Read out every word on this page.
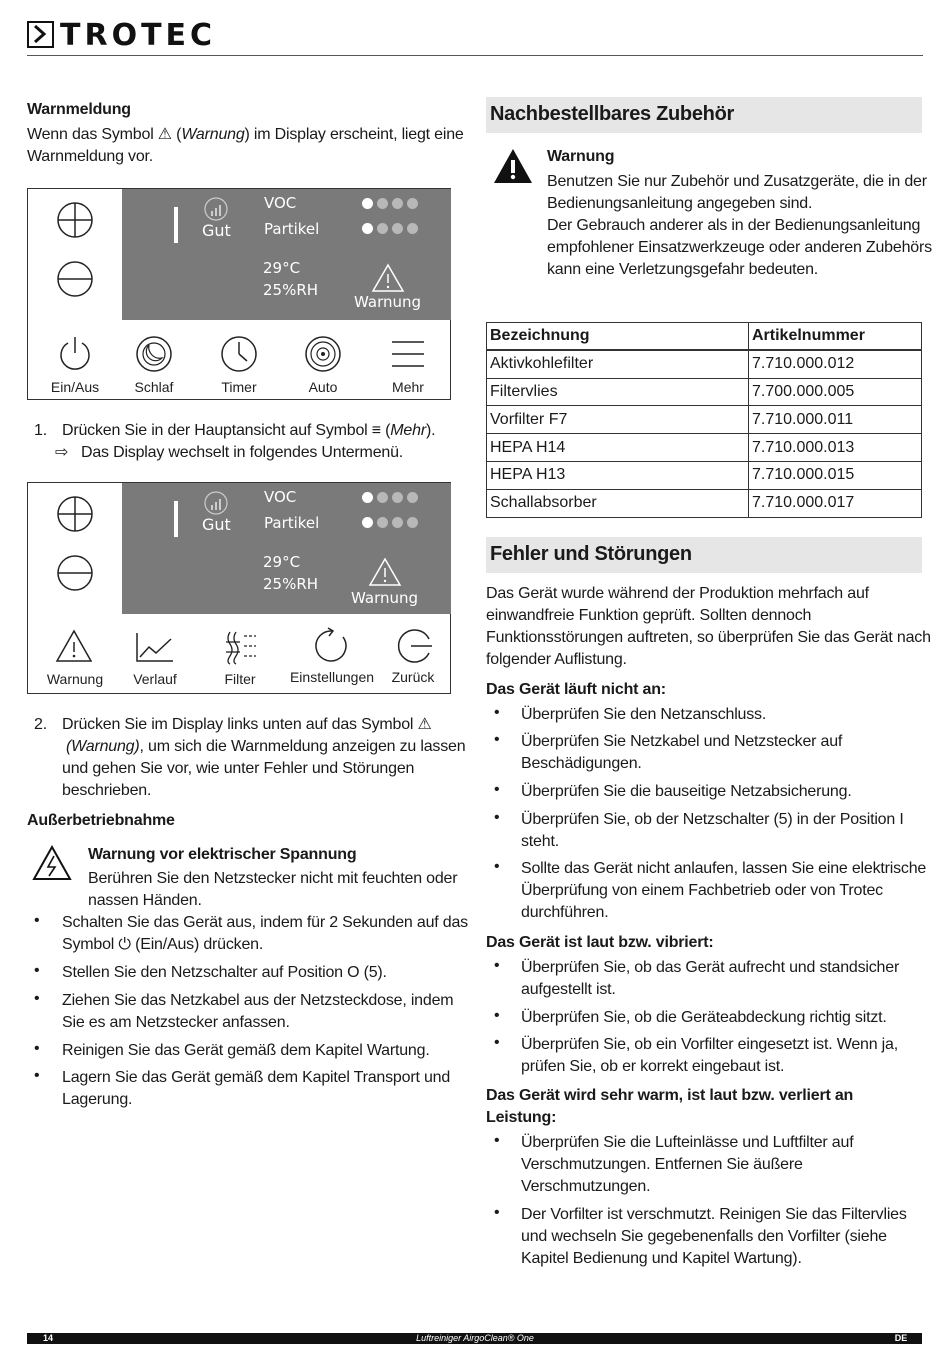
TROTEC
Warnmeldung
Wenn das Symbol ⚠ (Warnung) im Display erscheint, liegt eine
Warnmeldung vor.
Gut
VOC
Partikel
29°C
25%RH
Warnung
Ein/Aus	Schlaf	Timer	Auto	Mehr
1. Drücken Sie in der Hauptansicht auf Symbol ≡ (Mehr).
⇨ Das Display wechselt in folgendes Untermenü.
Gut
VOC
Partikel
29°C
25%RH
Warnung
Warnung	Verlauf	Filter	Einstellungen	Zurück
2. Drücken Sie im Display links unten auf das Symbol ⚠
(Warnung), um sich die Warnmeldung anzeigen zu lassen
und gehen Sie vor, wie unter Fehler und Störungen
beschrieben.
Außerbetriebnahme
Warnung vor elektrischer Spannung
Berühren Sie den Netzstecker nicht mit feuchten oder
nassen Händen.
• Schalten Sie das Gerät aus, indem für 2 Sekunden auf das
Symbol ⏻ (Ein/Aus) drücken.
• Stellen Sie den Netzschalter auf Position O (5).
• Ziehen Sie das Netzkabel aus der Netzsteckdose, indem
Sie es am Netzstecker anfassen.
• Reinigen Sie das Gerät gemäß dem Kapitel Wartung.
• Lagern Sie das Gerät gemäß dem Kapitel Transport und
Lagerung.
Nachbestellbares Zubehör
Warnung
Benutzen Sie nur Zubehör und Zusatzgeräte, die in der
Bedienungsanleitung angegeben sind.
Der Gebrauch anderer als in der Bedienungsanleitung
empfohlener Einsatzwerkzeuge oder anderen Zubehörs
kann eine Verletzungsgefahr bedeuten.
Bezeichnung	Artikelnummer
Aktivkohlefilter	7.710.000.012
Filtervlies	7.700.000.005
Vorfilter F7	7.710.000.011
HEPA H14	7.710.000.013
HEPA H13	7.710.000.015
Schallabsorber	7.710.000.017
Fehler und Störungen
Das Gerät wurde während der Produktion mehrfach auf
einwandfreie Funktion geprüft. Sollten dennoch
Funktionsstörungen auftreten, so überprüfen Sie das Gerät nach
folgender Auflistung.
Das Gerät läuft nicht an:
• Überprüfen Sie den Netzanschluss.
• Überprüfen Sie Netzkabel und Netzstecker auf
Beschädigungen.
• Überprüfen Sie die bauseitige Netzabsicherung.
• Überprüfen Sie, ob der Netzschalter (5) in der Position I
steht.
• Sollte das Gerät nicht anlaufen, lassen Sie eine elektrische
Überprüfung von einem Fachbetrieb oder von Trotec
durchführen.
Das Gerät ist laut bzw. vibriert:
• Überprüfen Sie, ob das Gerät aufrecht und standsicher
aufgestellt ist.
• Überprüfen Sie, ob die Geräteabdeckung richtig sitzt.
• Überprüfen Sie, ob ein Vorfilter eingesetzt ist. Wenn ja,
prüfen Sie, ob er korrekt eingebaut ist.
Das Gerät wird sehr warm, ist laut bzw. verliert an
Leistung:
• Überprüfen Sie die Lufteinlässe und Luftfilter auf
Verschmutzungen. Entfernen Sie äußere
Verschmutzungen.
• Der Vorfilter ist verschmutzt. Reinigen Sie das Filtervlies
und wechseln Sie gegebenenfalls den Vorfilter (siehe
Kapitel Bedienung und Kapitel Wartung).
14	Luftreiniger AirgoClean® One	DE
